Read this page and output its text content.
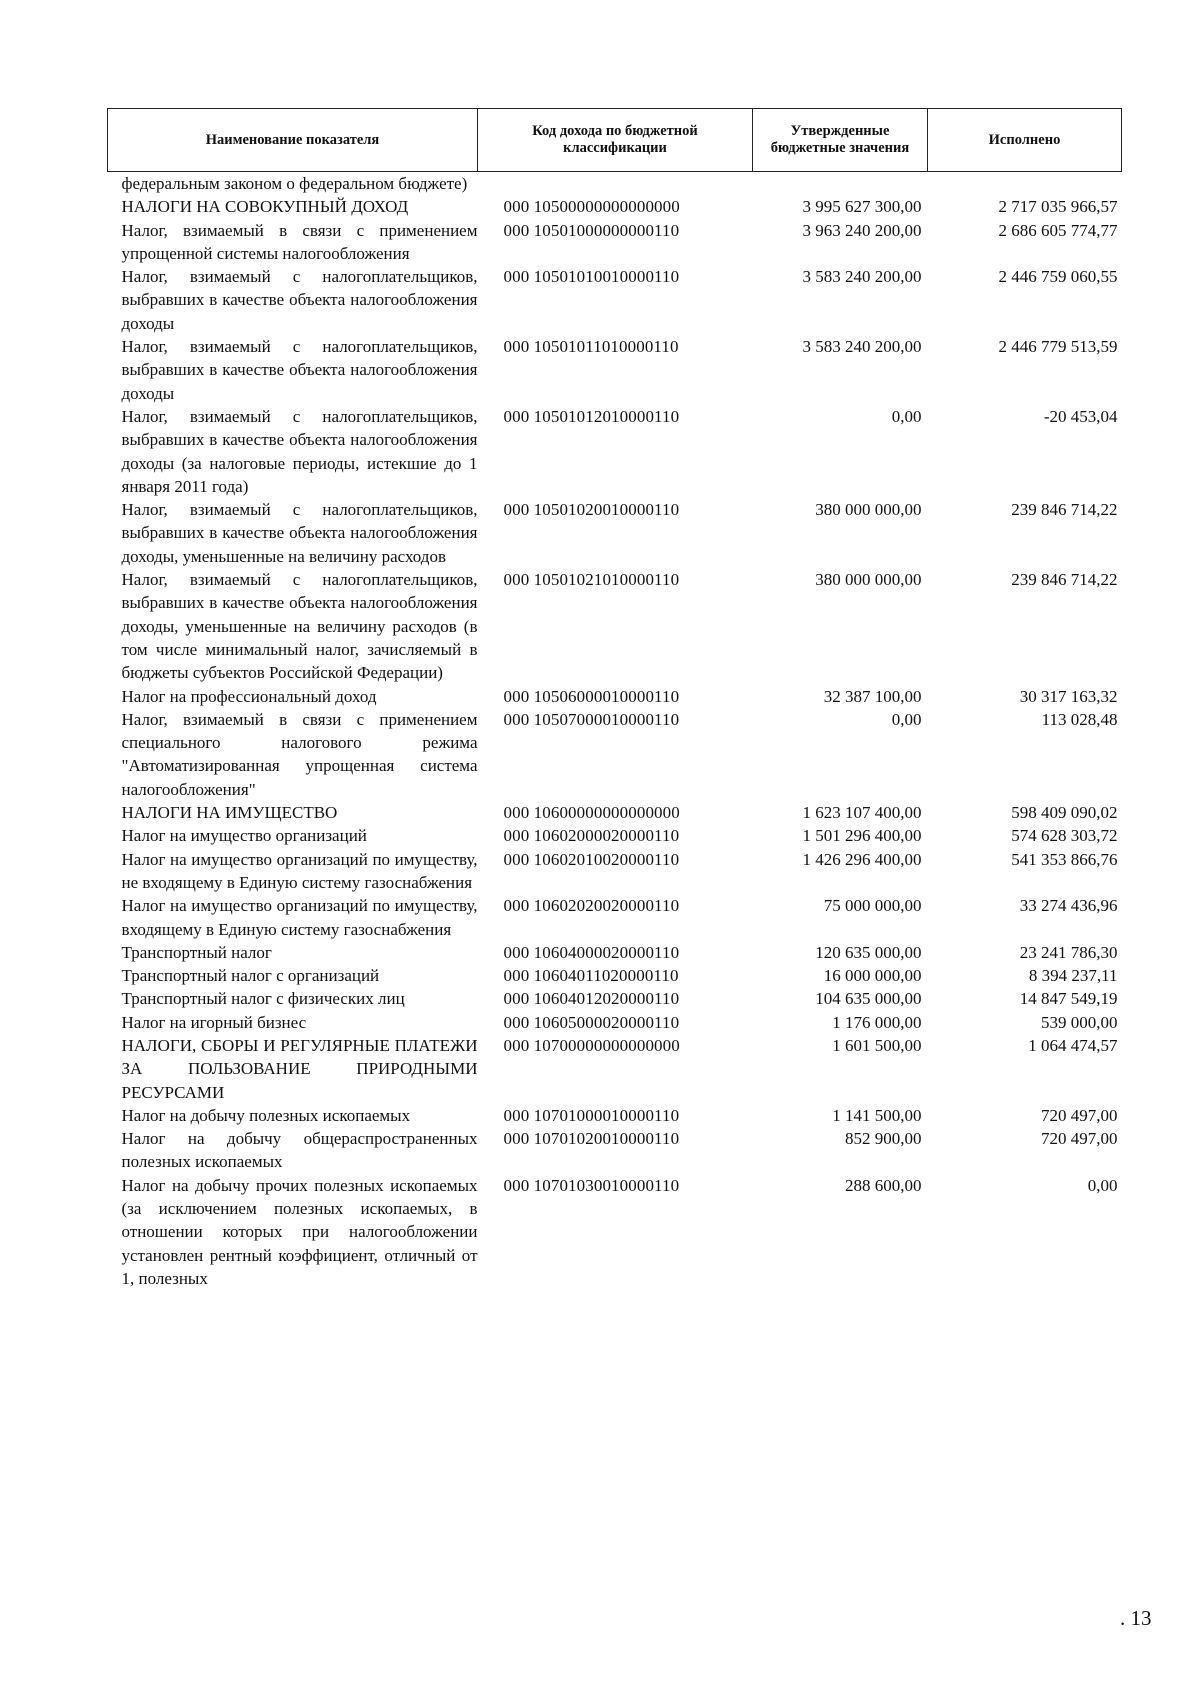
Наименование показателя	Код дохода по бюджетной классификации	Утвержденные бюджетные значения	Исполнено
федеральным законом о федеральном бюджете)			
НАЛОГИ НА СОВОКУПНЫЙ ДОХОД	000 10500000000000000	3 995 627 300,00	2 717 035 966,57
Налог, взимаемый в связи с применением упрощенной системы налогообложения	000 10501000000000110	3 963 240 200,00	2 686 605 774,77
Налог, взимаемый с налогоплательщиков, выбравших в качестве объекта налогообложения доходы	000 10501010010000110	3 583 240 200,00	2 446 759 060,55
Налог, взимаемый с налогоплательщиков, выбравших в качестве объекта налогообложения доходы	000 10501011010000110	3 583 240 200,00	2 446 779 513,59
Налог, взимаемый с налогоплательщиков, выбравших в качестве объекта налогообложения доходы (за налоговые периоды, истекшие до 1 января 2011 года)	000 10501012010000110	0,00	-20 453,04
Налог, взимаемый с налогоплательщиков, выбравших в качестве объекта налогообложения доходы, уменьшенные на величину расходов	000 10501020010000110	380 000 000,00	239 846 714,22
Налог, взимаемый с налогоплательщиков, выбравших в качестве объекта налогообложения доходы, уменьшенные на величину расходов (в том числе минимальный налог, зачисляемый в бюджеты субъектов Российской Федерации)	000 10501021010000110	380 000 000,00	239 846 714,22
Налог на профессиональный доход	000 10506000010000110	32 387 100,00	30 317 163,32
Налог, взимаемый в связи с применением специального налогового режима "Автоматизированная упрощенная система налогообложения"	000 10507000010000110	0,00	113 028,48
НАЛОГИ НА ИМУЩЕСТВО	000 10600000000000000	1 623 107 400,00	598 409 090,02
Налог на имущество организаций	000 10602000020000110	1 501 296 400,00	574 628 303,72
Налог на имущество организаций по имуществу, не входящему в Единую систему газоснабжения	000 10602010020000110	1 426 296 400,00	541 353 866,76
Налог на имущество организаций по имуществу, входящему в Единую систему газоснабжения	000 10602020020000110	75 000 000,00	33 274 436,96
Транспортный налог	000 10604000020000110	120 635 000,00	23 241 786,30
Транспортный налог с организаций	000 10604011020000110	16 000 000,00	8 394 237,11
Транспортный налог с физических лиц	000 10604012020000110	104 635 000,00	14 847 549,19
Налог на игорный бизнес	000 10605000020000110	1 176 000,00	539 000,00
НАЛОГИ, СБОРЫ И РЕГУЛЯРНЫЕ ПЛАТЕЖИ ЗА ПОЛЬЗОВАНИЕ ПРИРОДНЫМИ РЕСУРСАМИ	000 10700000000000000	1 601 500,00	1 064 474,57
Налог на добычу полезных ископаемых	000 10701000010000110	1 141 500,00	720 497,00
Налог на добычу общераспространенных полезных ископаемых	000 10701020010000110	852 900,00	720 497,00
Налог на добычу прочих полезных ископаемых (за исключением полезных ископаемых, в отношении которых при налогообложении установлен рентный коэффициент, отличный от 1, полезных	000 10701030010000110	288 600,00	0,00
. 13
